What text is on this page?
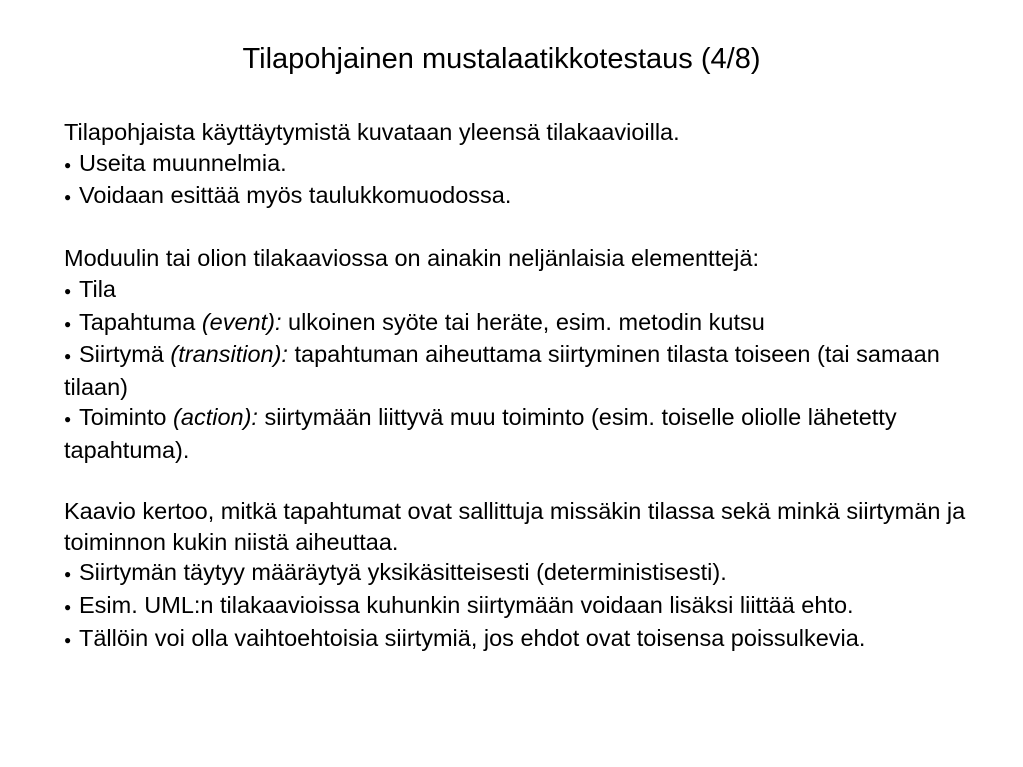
Tilapohjainen mustalaatikkotestaus (4/8)

Tilapohjaista käyttäytymistä kuvataan yleensä tilakaavioilla.

● Useita muunnelmia.

● Voidaan esittää myös taulukkomuodossa.

Moduulin tai olion tilakaaviossa on ainakin neljänlaisia elementtejä:

● Tila

● Tapahtuma (event): ulkoinen syöte tai heräte, esim. metodin kutsu

● Siirtymä (transition): tapahtuman aiheuttama siirtyminen tilasta toiseen (tai samaan tilaan)

● Toiminto (action): siirtymään liittyvä muu toiminto (esim. toiselle oliolle lähetetty tapahtuma).

Kaavio kertoo, mitkä tapahtumat ovat sallittuja missäkin tilassa sekä minkä siirtymän ja toiminnon kukin niistä aiheuttaa.

● Siirtymän täytyy määräytyä yksikäsitteisesti (deterministisesti).

● Esim. UML:n tilakaavioissa kuhunkin siirtymään voidaan lisäksi liittää ehto.

● Tällöin voi olla vaihtoehtoisia siirtymiä, jos ehdot ovat toisensa poissulkevia.
